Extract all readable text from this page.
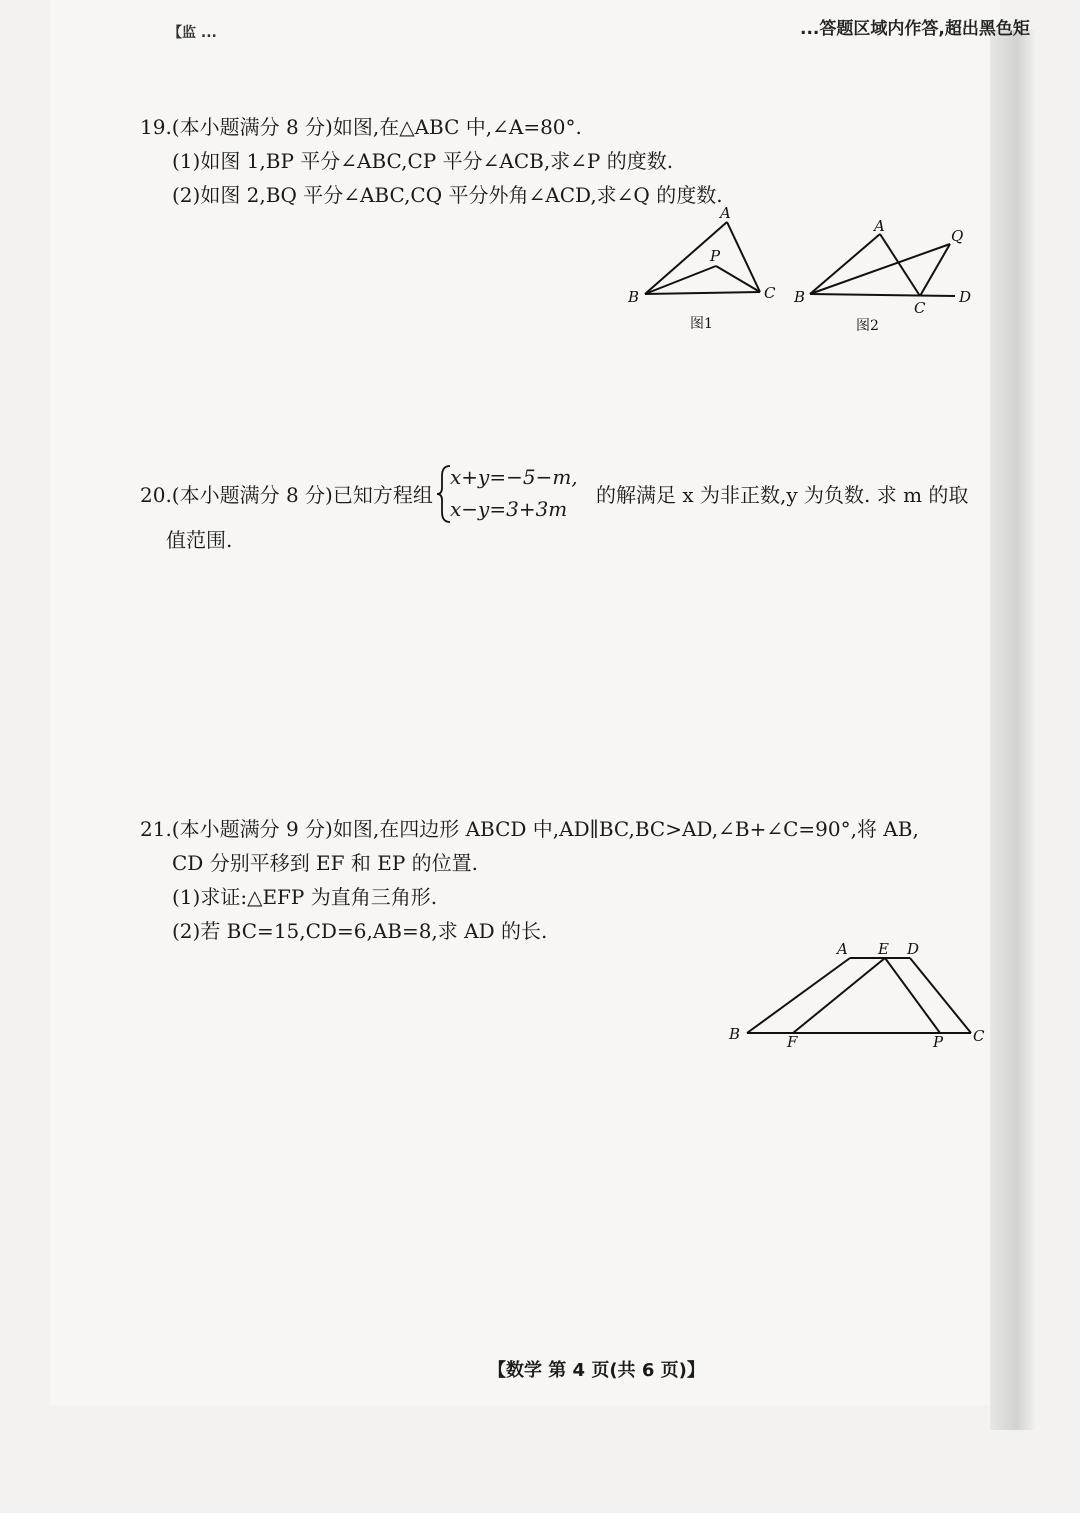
【监 ...	...答题区域内作答,超出黑色矩
19.(本小题满分 8 分)如图,在△ABC 中,∠A=80°.
(1)如图 1,BP 平分∠ABC,CP 平分∠ACB,求∠P 的度数.
(2)如图 2,BQ 平分∠ABC,CQ 平分外角∠ACD,求∠Q 的度数.
A
P
B	C
图1
A
Q
B
C
D
图2
20.(本小题满分 8 分)已知方程组
x+y=−5−m,
x−y=3+3m
的解满足 x 为非正数,y 为负数. 求 m 的取
值范围.
21.(本小题满分 9 分)如图,在四边形 ABCD 中,AD∥BC,BC>AD,∠B+∠C=90°,将 AB,
CD 分别平移到 EF 和 EP 的位置.
(1)求证:△EFP 为直角三角形.
(2)若 BC=15,CD=6,AB=8,求 AD 的长.
A E D
B	F	P C
【数学 第 4 页(共 6 页)】
